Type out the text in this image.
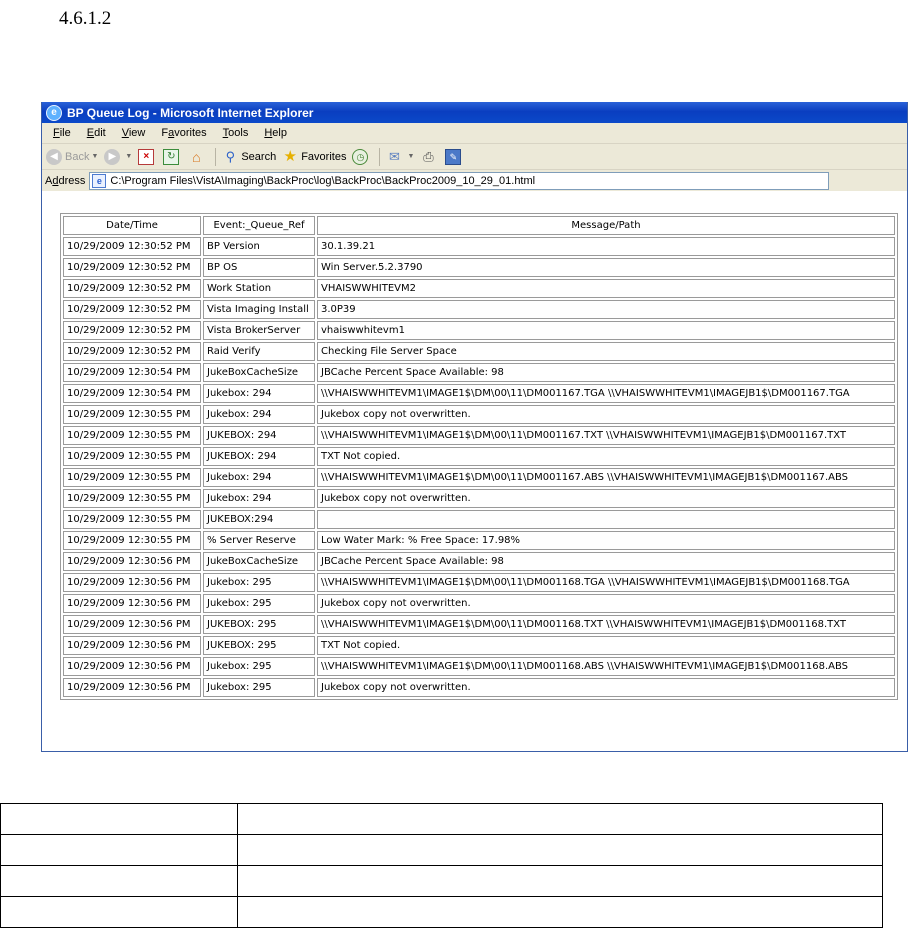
4.6.1.2
e BP Queue Log - Microsoft Internet Explorer
File	Edit	View	Favorites	Tools	Help
◀ Back ▼	▶	▼	×	↻ ⌂ ⚲ Search ★ Favorites	◷	✉	▼ ⎙	✎
Address	e C:\Program Files\VistA\Imaging\BackProc\log\BackProc\BackProc2009_10_29_01.html
Date/Time	Event:_Queue_Ref	Message/Path
10/29/2009 12:30:52 PM	BP Version	30.1.39.21
10/29/2009 12:30:52 PM	BP OS	Win Server.5.2.3790
10/29/2009 12:30:52 PM	Work Station	VHAISWWHITEVM2
10/29/2009 12:30:52 PM	Vista Imaging Install	3.0P39
10/29/2009 12:30:52 PM	Vista BrokerServer	vhaiswwhitevm1
10/29/2009 12:30:52 PM	Raid Verify	Checking File Server Space
10/29/2009 12:30:54 PM	JukeBoxCacheSize	JBCache Percent Space Available: 98
10/29/2009 12:30:54 PM	Jukebox: 294	\\VHAISWWHITEVM1\IMAGE1$\DM\00\11\DM001167.TGA \\VHAISWWHITEVM1\IMAGEJB1$\DM001167.TGA
10/29/2009 12:30:55 PM	Jukebox: 294	Jukebox copy not overwritten.
10/29/2009 12:30:55 PM	JUKEBOX: 294	\\VHAISWWHITEVM1\IMAGE1$\DM\00\11\DM001167.TXT \\VHAISWWHITEVM1\IMAGEJB1$\DM001167.TXT
10/29/2009 12:30:55 PM	JUKEBOX: 294	TXT Not copied.
10/29/2009 12:30:55 PM	Jukebox: 294	\\VHAISWWHITEVM1\IMAGE1$\DM\00\11\DM001167.ABS \\VHAISWWHITEVM1\IMAGEJB1$\DM001167.ABS
10/29/2009 12:30:55 PM	Jukebox: 294	Jukebox copy not overwritten.
10/29/2009 12:30:55 PM	JUKEBOX:294	
10/29/2009 12:30:55 PM	% Server Reserve	Low Water Mark: % Free Space: 17.98%
10/29/2009 12:30:56 PM	JukeBoxCacheSize	JBCache Percent Space Available: 98
10/29/2009 12:30:56 PM	Jukebox: 295	\\VHAISWWHITEVM1\IMAGE1$\DM\00\11\DM001168.TGA \\VHAISWWHITEVM1\IMAGEJB1$\DM001168.TGA
10/29/2009 12:30:56 PM	Jukebox: 295	Jukebox copy not overwritten.
10/29/2009 12:30:56 PM	JUKEBOX: 295	\\VHAISWWHITEVM1\IMAGE1$\DM\00\11\DM001168.TXT \\VHAISWWHITEVM1\IMAGEJB1$\DM001168.TXT
10/29/2009 12:30:56 PM	JUKEBOX: 295	TXT Not copied.
10/29/2009 12:30:56 PM	Jukebox: 295	\\VHAISWWHITEVM1\IMAGE1$\DM\00\11\DM001168.ABS \\VHAISWWHITEVM1\IMAGEJB1$\DM001168.ABS
10/29/2009 12:30:56 PM	Jukebox: 295	Jukebox copy not overwritten.
